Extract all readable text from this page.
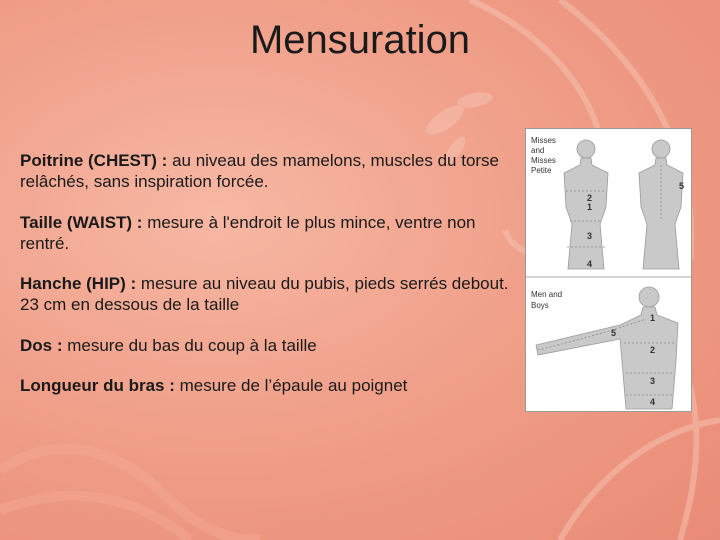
Mensuration

Poitrine (CHEST) : au niveau des mamelons, muscles du torse relâchés, sans inspiration forcée.

Taille (WAIST) : mesure à l'endroit le plus mince, ventre non rentré.

Hanche (HIP) : mesure au niveau du pubis, pieds serrés debout. 23 cm en dessous de la taille

Dos : mesure du bas du coup à la taille

Longueur du bras : mesure de l’épaule au poignet

Misses
and
Misses
Petite
2
1
3
4
5
Men and
Boys
1
5
2
3
4
